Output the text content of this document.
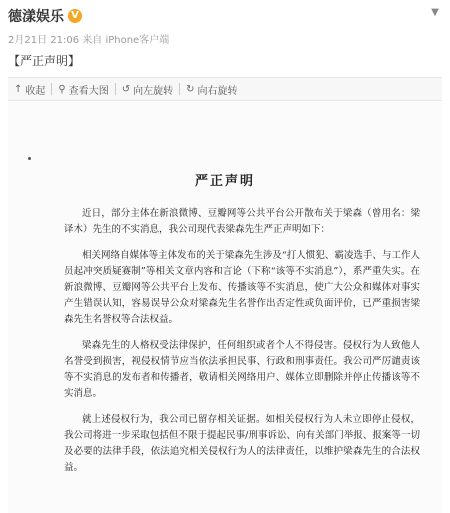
德漾娱乐 V
2月21日 21:06 来自 iPhone客户端
▼
【严正声明】
↑ 收起 ⚲ 查看大图 ↺ 向左旋转 ↻ 向右旋转
严正声明

近日，部分主体在新浪微博、豆瓣网等公共平台公开散布关于梁森（曾用名：梁译木）先生的不实消息，我公司现代表梁森先生严正声明如下：

相关网络自媒体等主体发布的关于梁森先生涉及“打人惯犯、霸凌选手、与工作人员起冲突质疑赛制”等相关文章内容和言论（下称“该等不实消息”），系严重失实。在新浪微博、豆瓣网等公共平台上发布、传播该等不实消息，使广大公众和媒体对事实产生错误认知，容易误导公众对梁森先生名誉作出否定性或负面评价，已严重损害梁森先生名誉权等合法权益。

梁森先生的人格权受法律保护，任何组织或者个人不得侵害。侵权行为人致他人名誉受到损害，视侵权情节应当依法承担民事、行政和刑事责任。我公司严厉谴责该等不实消息的发布者和传播者，敬请相关网络用户、媒体立即删除并停止传播该等不实消息。

就上述侵权行为，我公司已留存相关证据。如相关侵权行为人未立即停止侵权，我公司将进一步采取包括但不限于提起民事/刑事诉讼、向有关部门举报、报案等一切及必要的法律手段，依法追究相关侵权行为人的法律责任，以维护梁森先生的合法权益。
